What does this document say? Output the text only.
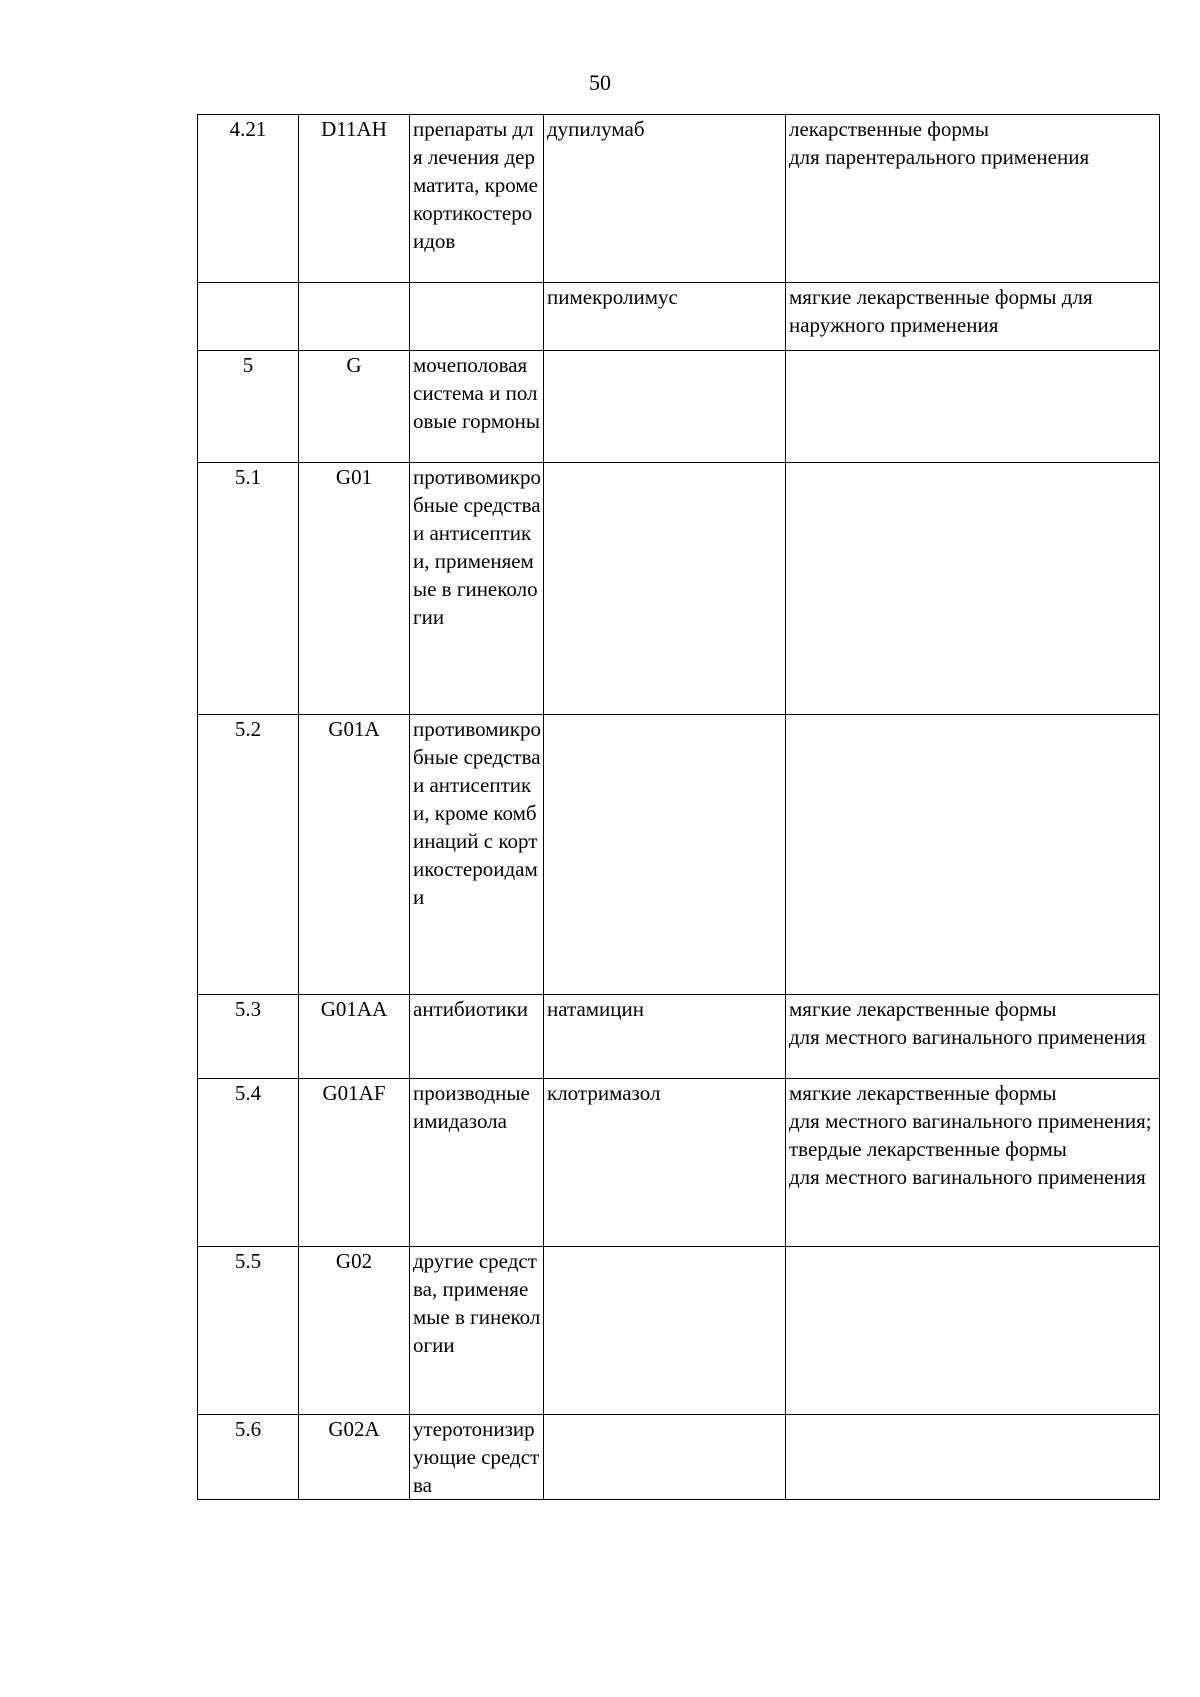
50
4.21	D11AH	препараты для лечения дерматита, кроме кортикостероидов	дупилумаб	лекарственные формы
для парентерального применения

			пимекролимус	мягкие лекарственные формы для наружного применения

5	G	мочеполовая система и половые гормоны		
5.1	G01	противомикробные средства и антисептики, применяемые в гинекологии		
5.2	G01A	противомикробные средства и антисептики, кроме комбинаций с кортикостероидами		
5.3	G01AA	антибиотики	натамицин	мягкие лекарственные формы
для местного вагинального применения

5.4	G01AF	производные имидазола	клотримазол	мягкие лекарственные формы
для местного вагинального применения; твердые лекарственные формы
для местного вагинального применения

5.5	G02	другие средства, применяемые в гинекологии		
5.6	G02A	утеротонизирующие средства		
